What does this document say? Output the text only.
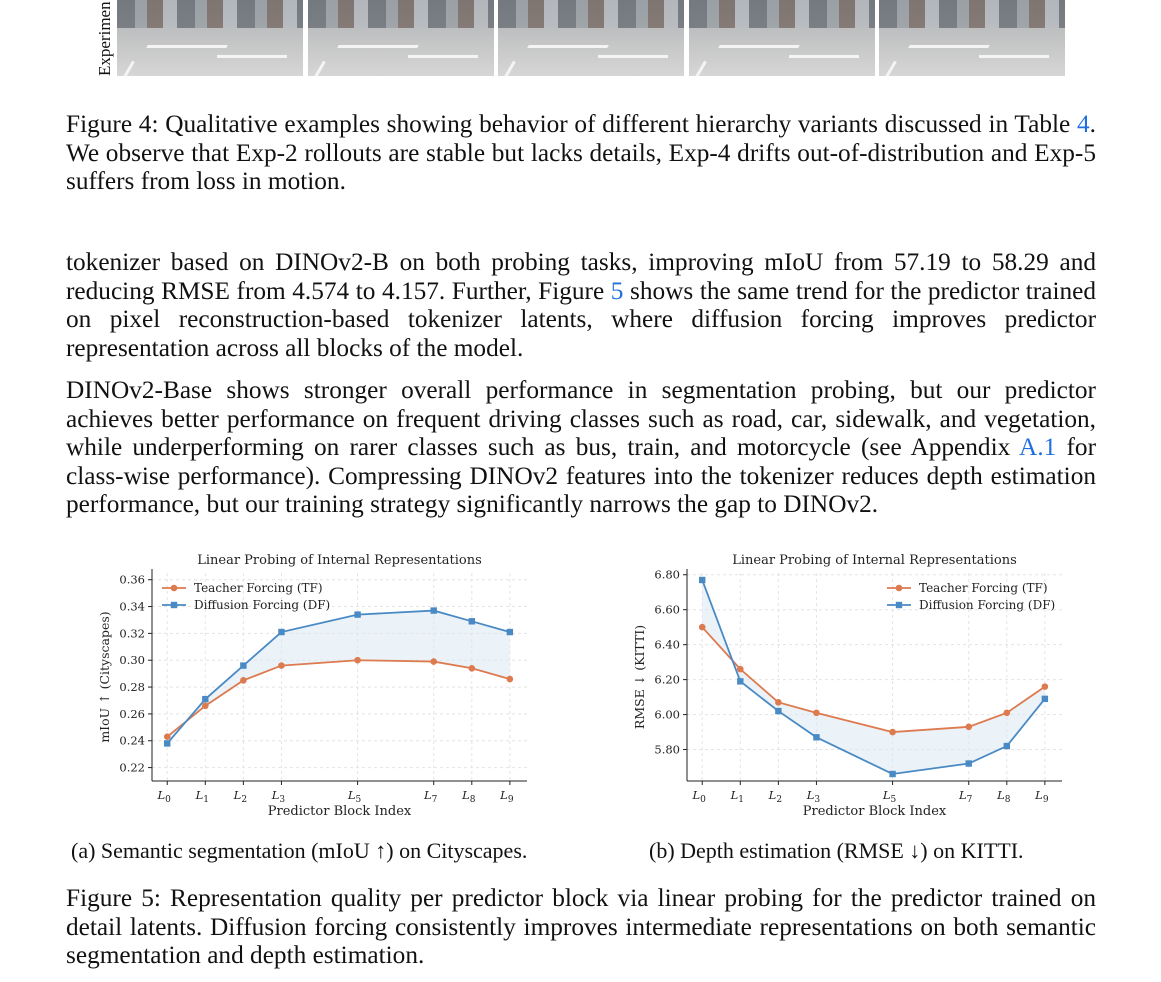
Experimen

Figure 4: Qualitative examples showing behavior of different hierarchy variants discussed in Table 4. We observe that Exp-2 rollouts are stable but lacks details, Exp-4 drifts out-of-distribution and Exp-5 suffers from loss in motion.

tokenizer based on DINOv2-B on both probing tasks, improving mIoU from 57.19 to 58.29 and reducing RMSE from 4.574 to 4.157. Further, Figure 5 shows the same trend for the predictor trained on pixel reconstruction-based tokenizer latents, where diffusion forcing improves predictor representation across all blocks of the model.

DINOv2-Base shows stronger overall performance in segmentation probing, but our predictor achieves better performance on frequent driving classes such as road, car, sidewalk, and vegetation, while underperforming on rarer classes such as bus, train, and motorcycle (see Appendix A.1 for class-wise performance). Compressing DINOv2 features into the tokenizer reduces depth estimation performance, but our training strategy significantly narrows the gap to DINOv2.

Linear Probing of Internal Representations
0.22
0.24
0.26
0.28
0.30
0.32
0.34
0.36
$L_0$ $L_1$ $L_2$ $L_3$	$L_5$	$L_7$ $L_8$ $L_9$
Predictor Block Index
mIoU ↑ (Cityscapes)
Teacher Forcing (TF)
Diffusion Forcing (DF)
Linear Probing of Internal Representations
5.80
6.00
6.20
6.40
6.60
6.80
$L_0$ $L_1$ $L_2$ $L_3$	$L_5$	$L_7$ $L_8$ $L_9$
Predictor Block Index
RMSE ↓ (KITTI)
Teacher Forcing (TF)
Diffusion Forcing (DF)
(a) Semantic segmentation (mIoU ↑) on Cityscapes.	(b) Depth estimation (RMSE ↓) on KITTI.

Figure 5: Representation quality per predictor block via linear probing for the predictor trained on detail latents. Diffusion forcing consistently improves intermediate representations on both semantic segmentation and depth estimation.
